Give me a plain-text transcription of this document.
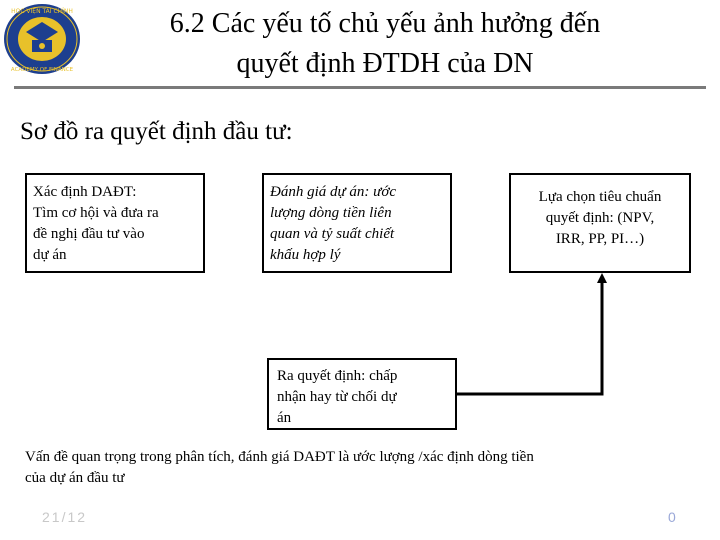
HỌC VIỆN TÀI CHÍNH
ACADEMY OF FINANCE
6.2 Các yếu tố chủ yếu ảnh hưởng đến
quyết định ĐTDH của DN
Sơ đồ ra quyết định đầu tư:
Xác định DAĐT:
Tìm cơ hội và đưa ra
đề nghị đầu tư vào
dự án
Đánh giá dự án: ước
lượng dòng tiền liên
quan và tỷ suất chiết
khấu hợp lý
Lựa chọn tiêu chuẩn
quyết định: (NPV,
IRR, PP, PI…)
Ra quyết định: chấp
nhận hay từ chối dự
án
Vấn đề quan trọng trong phân tích, đánh giá DAĐT là ước lượng /xác định dòng tiền
của dự án đầu tư
21/12	0
